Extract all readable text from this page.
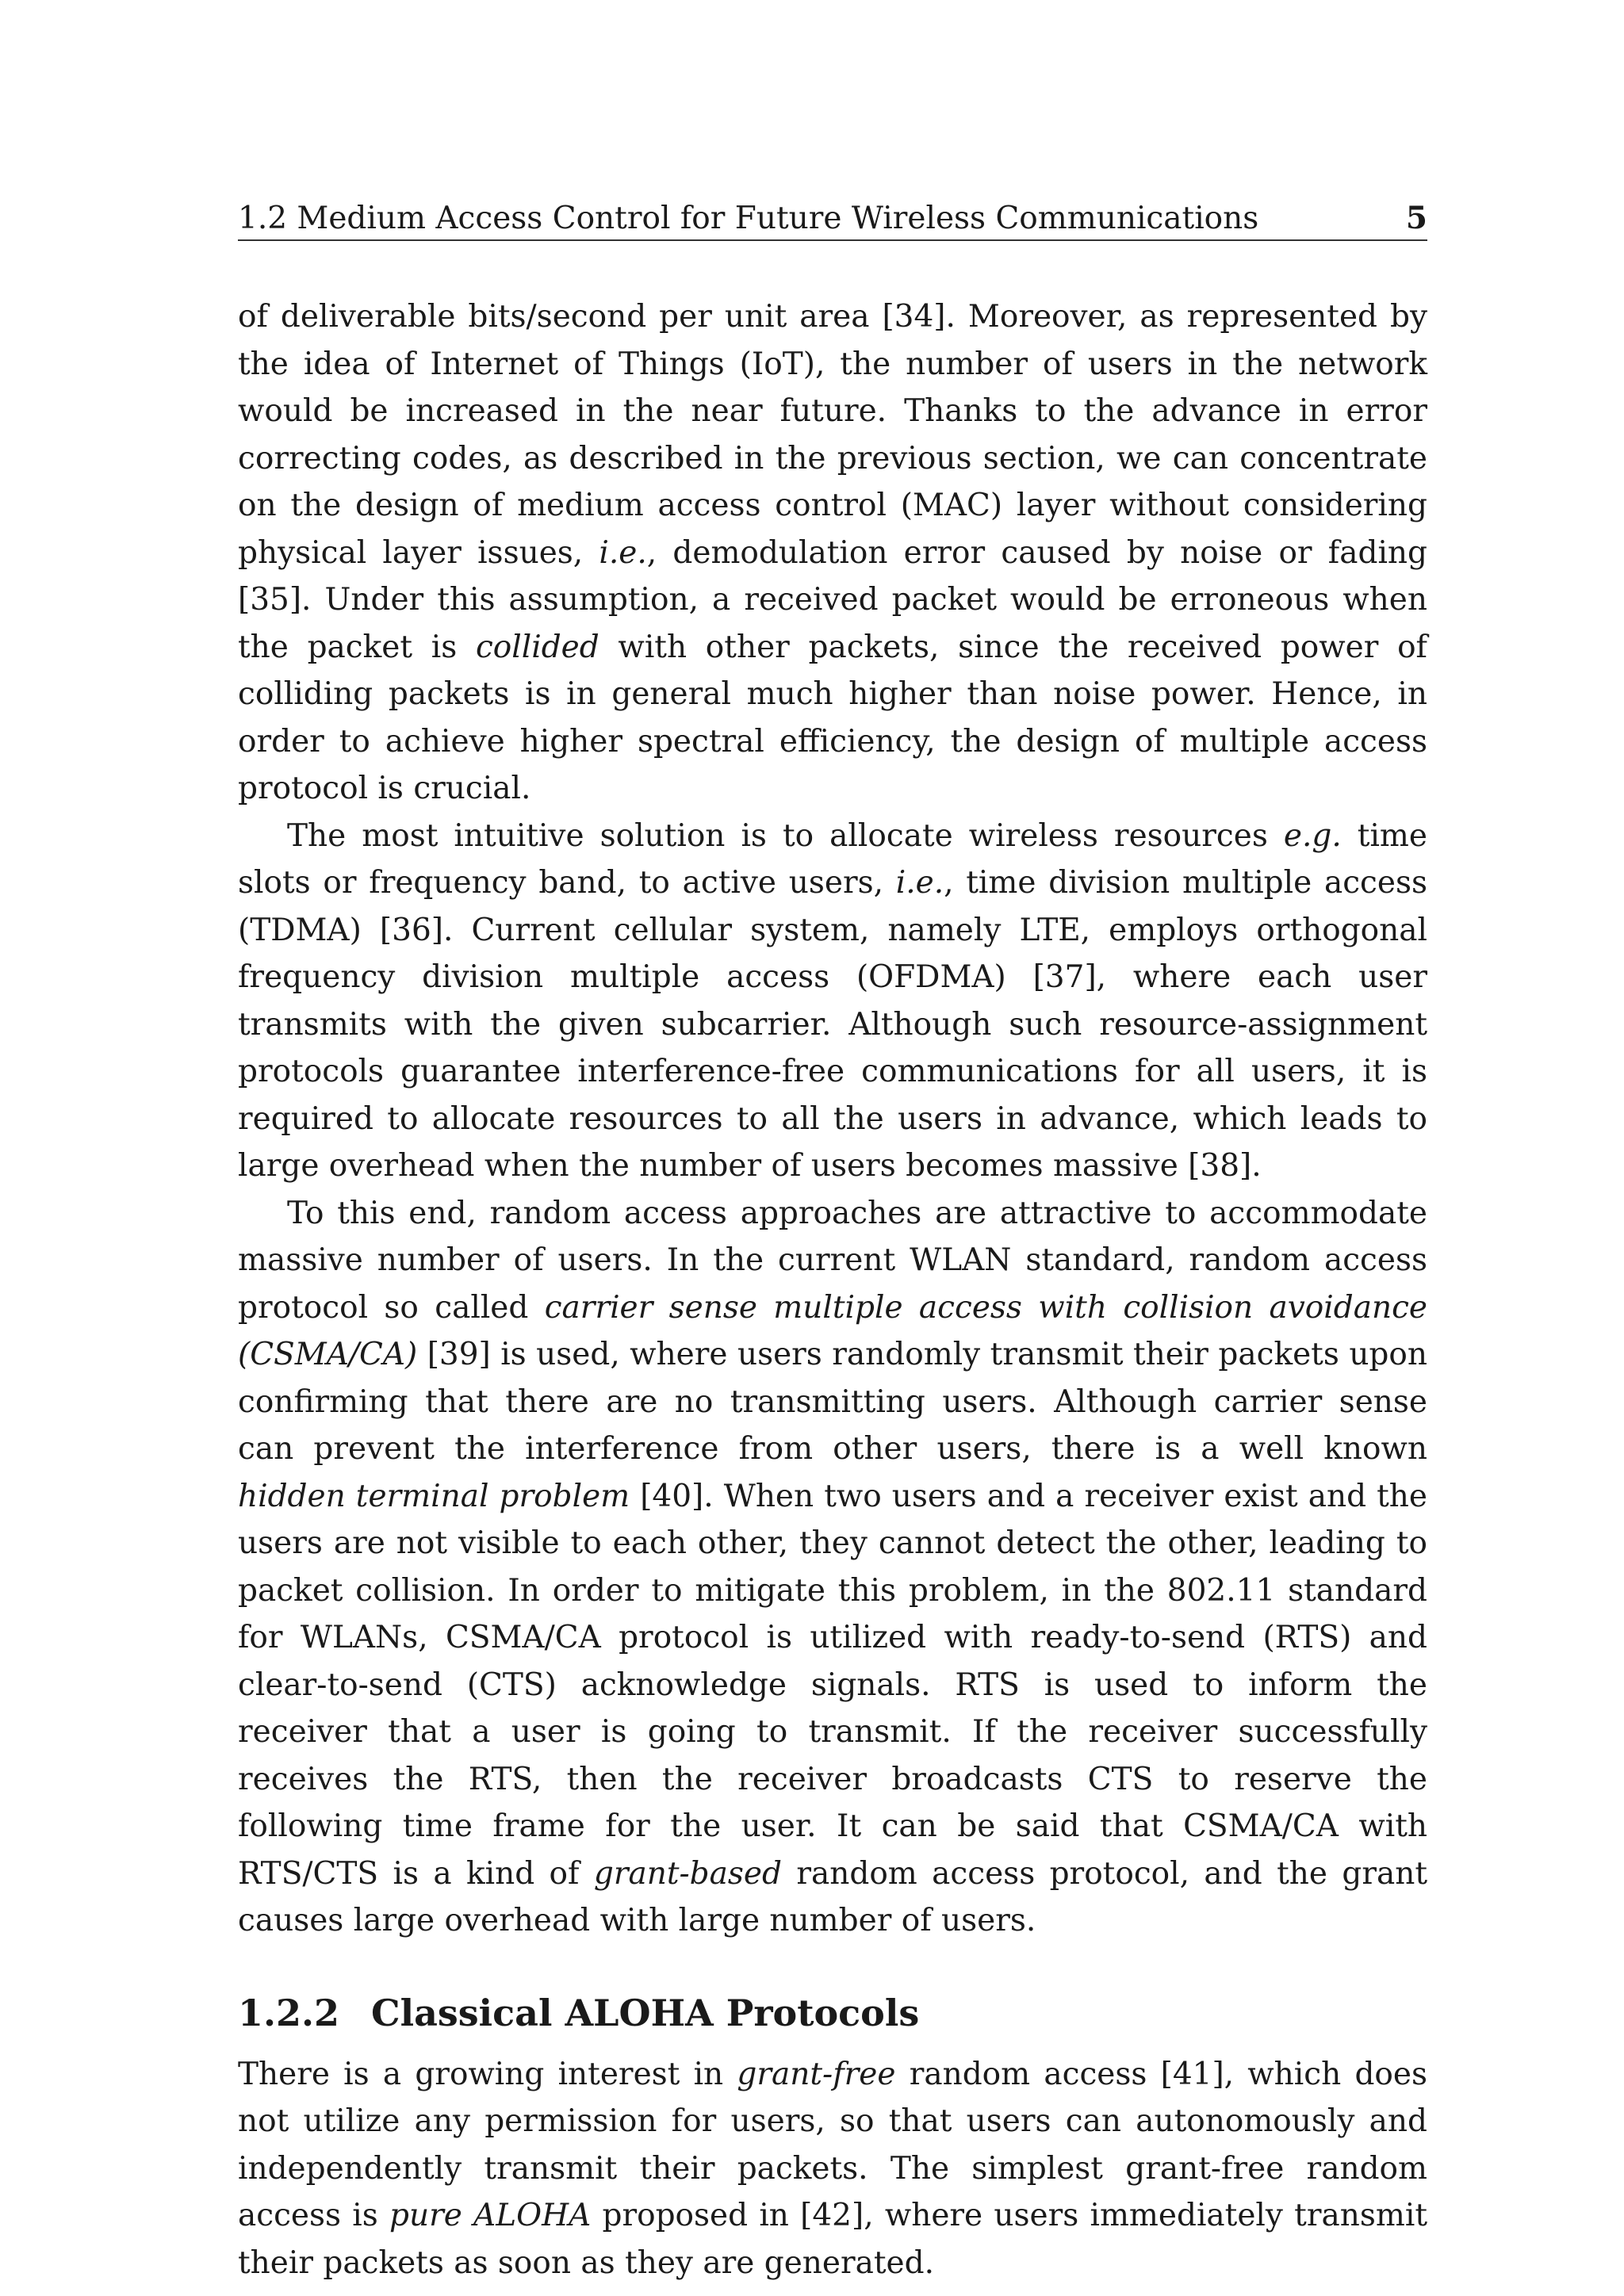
1.2 Medium Access Control for Future Wireless Communications	5

of deliverable bits/second per unit area [34]. Moreover, as represented by the idea of Internet of Things (IoT), the number of users in the network would be increased in the near future. Thanks to the advance in error correcting codes, as described in the previous section, we can concentrate on the design of medium access control (MAC) layer without considering physical layer issues, i.e., demodulation error caused by noise or fading [35]. Under this assumption, a received packet would be erroneous when the packet is collided with other packets, since the received power of colliding packets is in general much higher than noise power. Hence, in order to achieve higher spectral efficiency, the design of multiple access protocol is crucial.

The most intuitive solution is to allocate wireless resources e.g. time slots or frequency band, to active users, i.e., time division multiple access (TDMA) [36]. Current cellular system, namely LTE, employs orthogonal frequency division multiple access (OFDMA) [37], where each user transmits with the given subcarrier. Although such resource-assignment protocols guarantee interference-free communications for all users, it is required to allocate resources to all the users in advance, which leads to large overhead when the number of users becomes massive [38].

To this end, random access approaches are attractive to accommodate massive number of users. In the current WLAN standard, random access protocol so called carrier sense multiple access with collision avoidance (CSMA/CA) [39] is used, where users randomly transmit their packets upon confirming that there are no transmitting users. Although carrier sense can prevent the interference from other users, there is a well known hidden terminal problem [40]. When two users and a receiver exist and the users are not visible to each other, they cannot detect the other, leading to packet collision. In order to mitigate this problem, in the 802.11 standard for WLANs, CSMA/CA protocol is utilized with ready-to-send (RTS) and clear-to-send (CTS) acknowledge signals. RTS is used to inform the receiver that a user is going to transmit. If the receiver successfully receives the RTS, then the receiver broadcasts CTS to reserve the following time frame for the user. It can be said that CSMA/CA with RTS/CTS is a kind of grant-based random access protocol, and the grant causes large overhead with large number of users.

1.2.2 Classical ALOHA Protocols

There is a growing interest in grant-free random access [41], which does not utilize any permission for users, so that users can autonomously and independently transmit their packets. The simplest grant-free random access is pure ALOHA proposed in [42], where users immediately transmit their packets as soon as they are generated.
